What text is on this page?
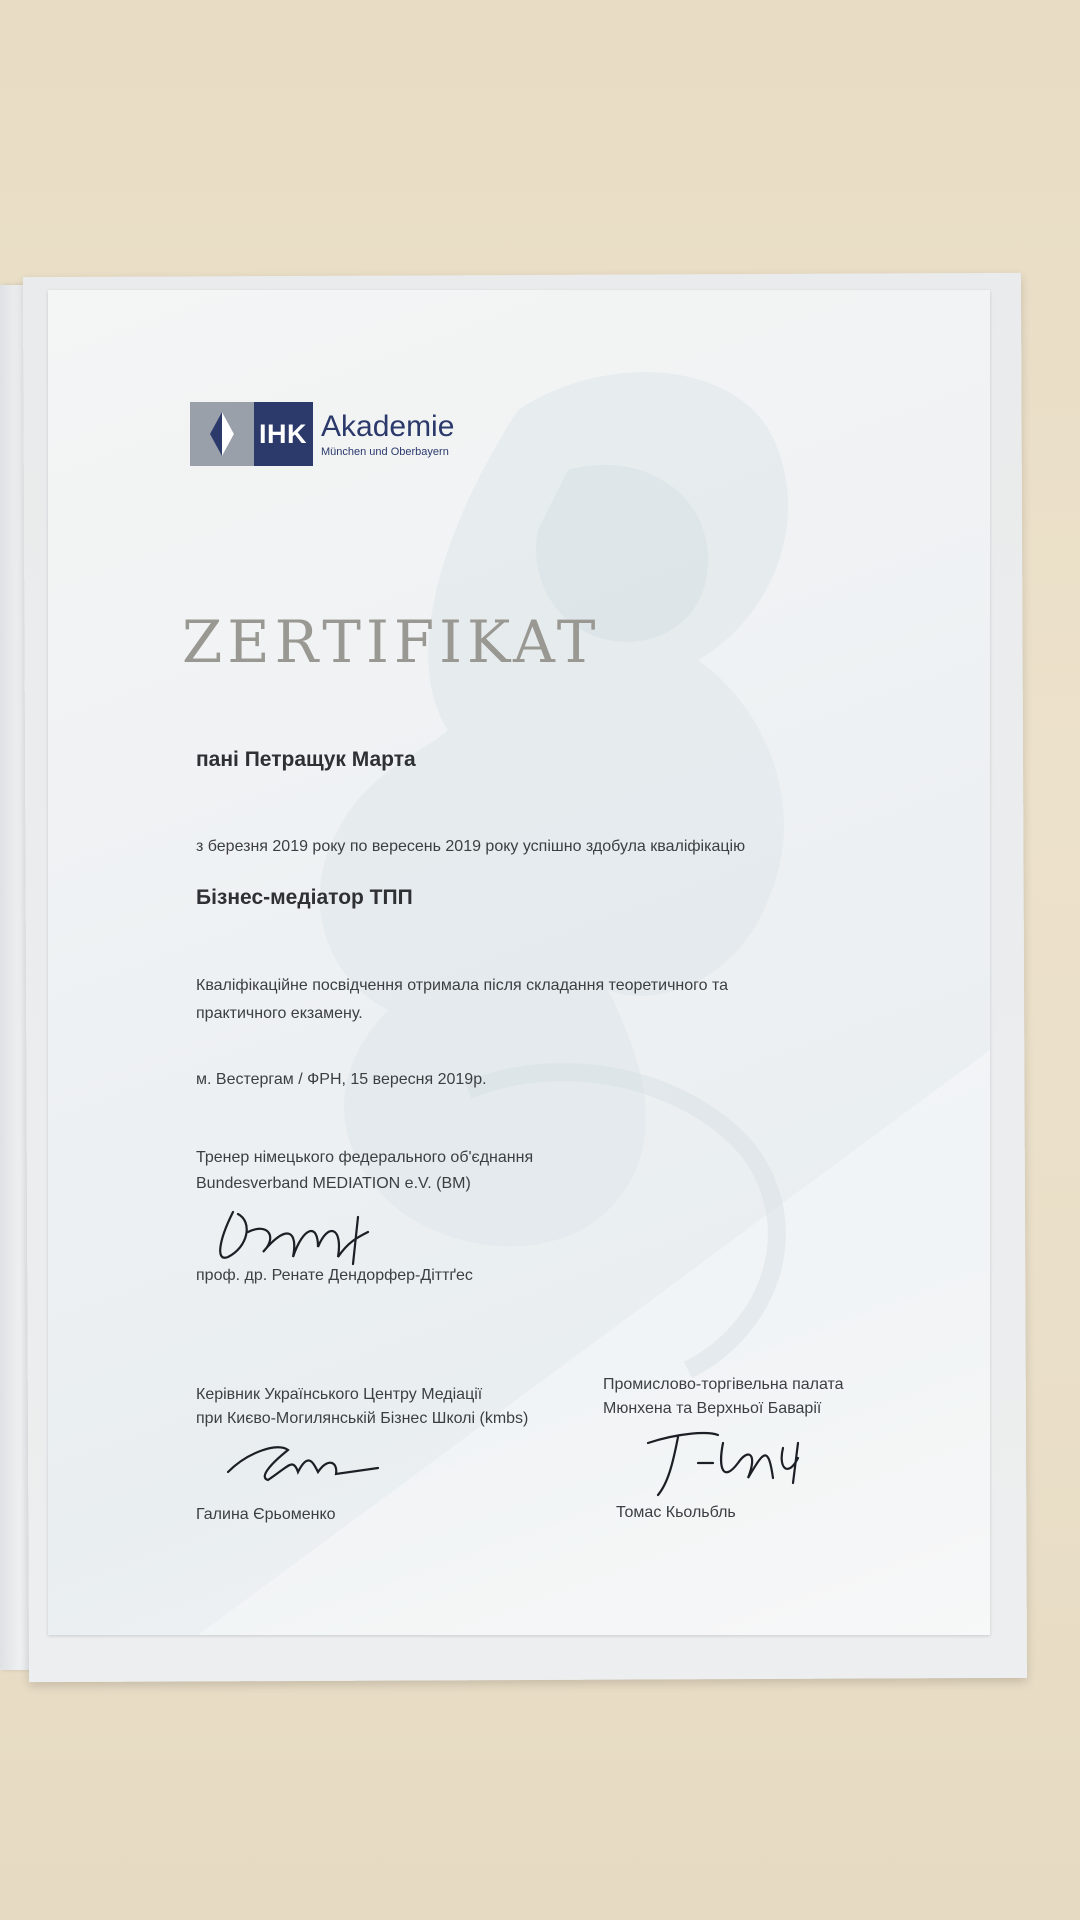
IHK Akademie
München und Oberbayern
ZERTIFIKAT
пані Петращук Марта
з березня 2019 року по вересень 2019 року успішно здобула кваліфікацію
Бізнес-медіатор ТПП
Кваліфікаційне посвідчення отримала після складання теоретичного та
практичного екзамену.
м. Вестергам / ФРН, 15 вересня 2019р.
Тренер німецького федерального об'єднання
Bundesverband MEDIATION e.V. (BM)
проф. др. Ренате Дендорфер-Діттґес
Керівник Українського Центру Медіації
при Києво-Могилянській Бізнес Школі (kmbs)
Промислово-торгівельна палата
Мюнхена та Верхньої Баварії
Галина Єрьоменко	Томас Кьольбль
